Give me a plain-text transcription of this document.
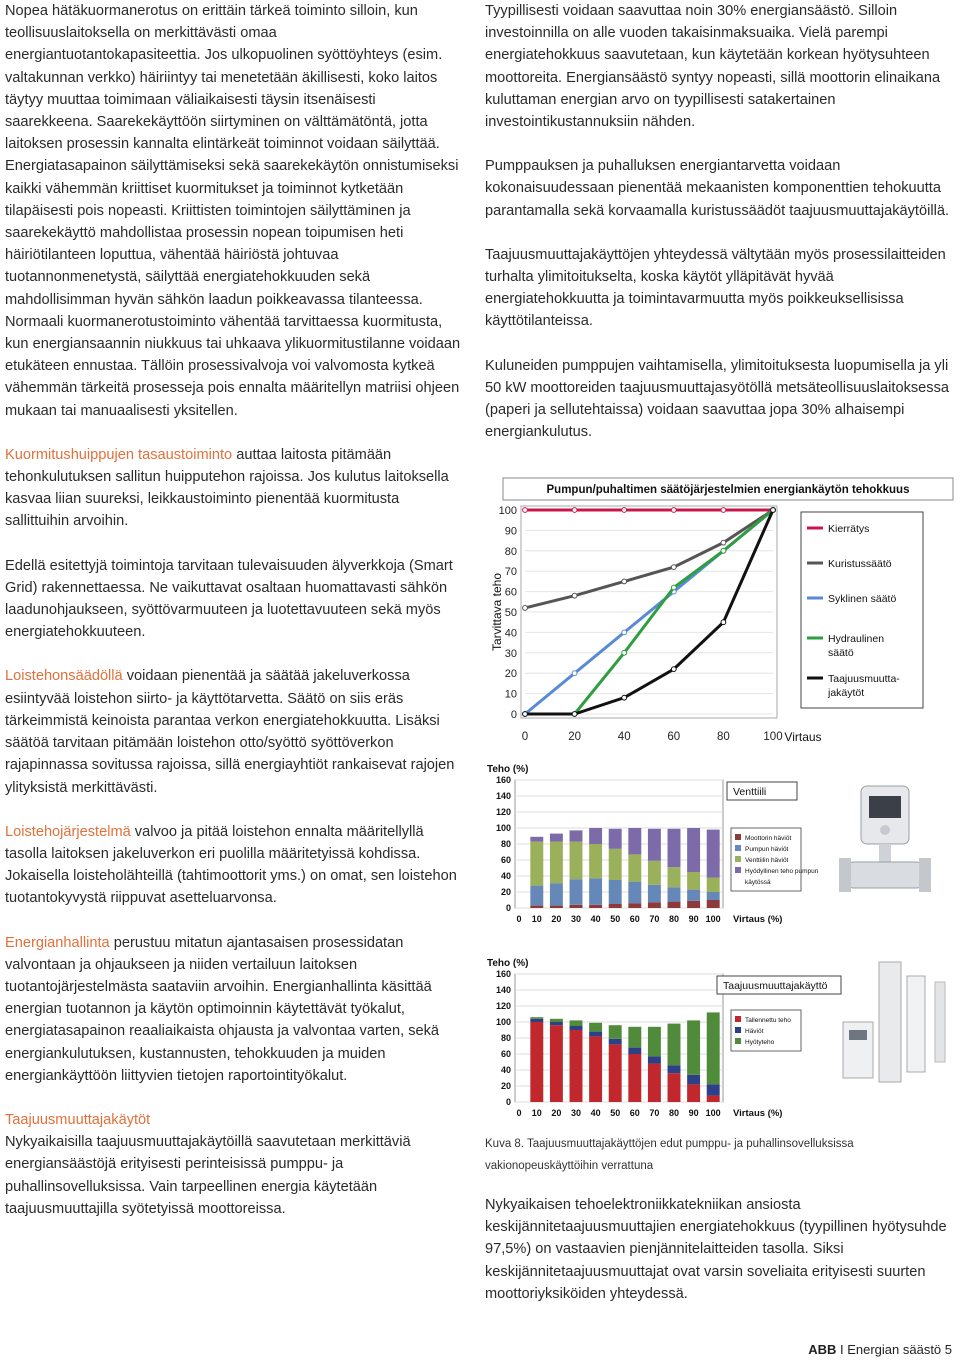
Nopea hätäkuormanerotus on erittäin tärkeä toiminto silloin, kun teollisuuslaitoksella on merkittävästi omaa energiantuotantokapasiteettia. Jos ulkopuolinen syöttöyhteys (esim. valtakunnan verkko) häiriintyy tai menetetään äkillisesti, koko laitos täytyy muuttaa toimimaan väliaikaisesti täysin itsenäisesti saarekkeena. Saarekekäyttöön siirtyminen on välttämätöntä, jotta laitoksen prosessin kannalta elintärkeät toiminnot voidaan säilyttää. Energiatasapainon säilyttämiseksi sekä saarekekäytön onnistumiseksi kaikki vähemmän kriittiset kuormitukset ja toiminnot kytketään tilapäisesti pois nopeasti. Kriittisten toimintojen säilyttäminen ja saarekekäyttö mahdollistaa prosessin nopean toipumisen heti häiriötilanteen loputtua, vähentää häiriöstä johtuvaa tuotannonmenetystä, säilyttää energiatehokkuuden sekä mahdollisimman hyvän sähkön laadun poikkeavassa tilanteessa. Normaali kuormanerotustoiminto vähentää tarvittaessa kuormitusta, kun energiansaannin niukkuus tai uhkaava ylikuormitustilanne voidaan etukäteen ennustaa. Tällöin prosessivalvoja voi valvomosta kytkeä vähemmän tärkeitä prosesseja pois ennalta määritellyn matriisi ohjeen mukaan tai manuaalisesti yksitellen.

Kuormitushuippujen tasaustoiminto auttaa laitosta pitämään tehonkulutuksen sallitun huipputehon rajoissa. Jos kulutus laitoksella kasvaa liian suureksi, leikkaustoiminto pienentää kuormitusta sallittuihin arvoihin.

Edellä esitettyjä toimintoja tarvitaan tulevaisuuden älyverkkoja (Smart Grid) rakennettaessa. Ne vaikuttavat osaltaan huomattavasti sähkön laadunohjaukseen, syöttövarmuuteen ja luotettavuuteen sekä myös energiatehokkuuteen.

Loistehonsäädöllä voidaan pienentää ja säätää jakeluverkossa esiintyvää loistehon siirto- ja käyttötarvetta. Säätö on siis eräs tärkeimmistä keinoista parantaa verkon energiatehokkuutta. Lisäksi säätöä tarvitaan pitämään loistehon otto/syöttö syöttöverkon rajapinnassa sovitussa rajoissa, sillä energiayhtiöt rankaisevat rajojen ylityksistä merkittävästi.

Loistehojärjestelmä valvoo ja pitää loistehon ennalta määritellyllä tasolla laitoksen jakeluverkon eri puolilla määritetyissä kohdissa. Jokaisella loisteholähteillä (tahtimoottorit yms.) on omat, sen loistehon tuotantokyvystä riippuvat asetteluarvonsa.

Energianhallinta perustuu mitatun ajantasaisen prosessidatan valvontaan ja ohjaukseen ja niiden vertailuun laitoksen tuotantojärjestelmästa saataviin arvoihin. Energianhallinta käsittää energian tuotannon ja käytön optimoinnin käytettävät työkalut, energiatasapainon reaaliaikaista ohjausta ja valvontaa varten, sekä energiankulutuksen, kustannusten, tehokkuuden ja muiden energiankäyttöön liittyvien tietojen raportointityökalut.

Taajuusmuuttajakäytöt
Nykyaikaisilla taajuusmuuttajakäytöillä saavutetaan merkittäviä energiansäästöjä erityisesti perinteisissä pumppu- ja puhallinsovelluksissa. Vain tarpeellinen energia käytetään taajuusmuuttajilla syötetyissä moottoreissa.

Tyypillisesti voidaan saavuttaa noin 30% energiansäästö. Silloin investoinnilla on alle vuoden takaisinmaksuaika. Vielä parempi energiatehokkuus saavutetaan, kun käytetään korkean hyötysuhteen moottoreita. Energiansäästö syntyy nopeasti, sillä moottorin elinaikana kuluttaman energian arvo on tyypillisesti satakertainen investointikustannuksiin nähden.

Pumppauksen ja puhalluksen energiantarvetta voidaan kokonaisuudessaan pienentää mekaanisten komponenttien tehokuutta parantamalla sekä korvaamalla kuristussäädöt taajuusmuuttajakäytöillä.

Taajuusmuuttajakäyttöjen yhteydessä vältytään myös prosessilaitteiden turhalta ylimitoitukselta, koska käytöt ylläpitävät hyvää energiatehokkuutta ja toimintavarmuutta myös poikkeuksellisissa käyttötilanteissa.

Kuluneiden pumppujen vaihtamisella, ylimitoituksesta luopumisella ja yli 50 kW moottoreiden taajuusmuuttajasyötöllä metsäteollisuuslaitoksessa (paperi ja sellutehtaissa) voidaan saavuttaa jopa 30% alhaisempi energiankulutus.

Pumpun/puhaltimen säätöjärjestelmien energiankäytön tehokkuus
0
10
20
30
40
50
60
70
80
90
100
0	20	40	60	80	100
Tarvittava teho
Virtaus
Kierrätys
Kuristussäätö
Syklinen säätö
Hydraulinen
säätö
Taajuusmuutta-
jakäytöt
Teho (%)
0
20
40
60
80
100
120
140
160
0 10 20 30 40 50 60 70 80 90 100 Virtaus (%)
Venttiili
Moottorin häviöt
Pumpun häviöt
Venttiilin häviöt
Hyödyllinen teho pumpun
käytössä
Teho (%)
0
20
40
60
80
100
120
140
160
0 10 20 30 40 50 60 70 80 90 100 Virtaus (%)
Taajuusmuuttajakäyttö
Tallennettu teho
Häviöt
Hyötyteho
Kuva 8. Taajuusmuuttajakäyttöjen edut pumppu- ja puhallinsovelluksissa vakionopeuskäyttöihin verrattuna

Nykyaikaisen tehoelektroniikkatekniikan ansiosta keskijännitetaajuusmuuttajien energiatehokkuus (tyypillinen hyötysuhde 97,5%) on vastaavien pienjännitelaitteiden tasolla. Siksi keskijännitetaajuusmuuttajat ovat varsin soveliaita erityisesti suurten moottoriyksiköiden yhteydessä.

ABB I Energian säästö 5
